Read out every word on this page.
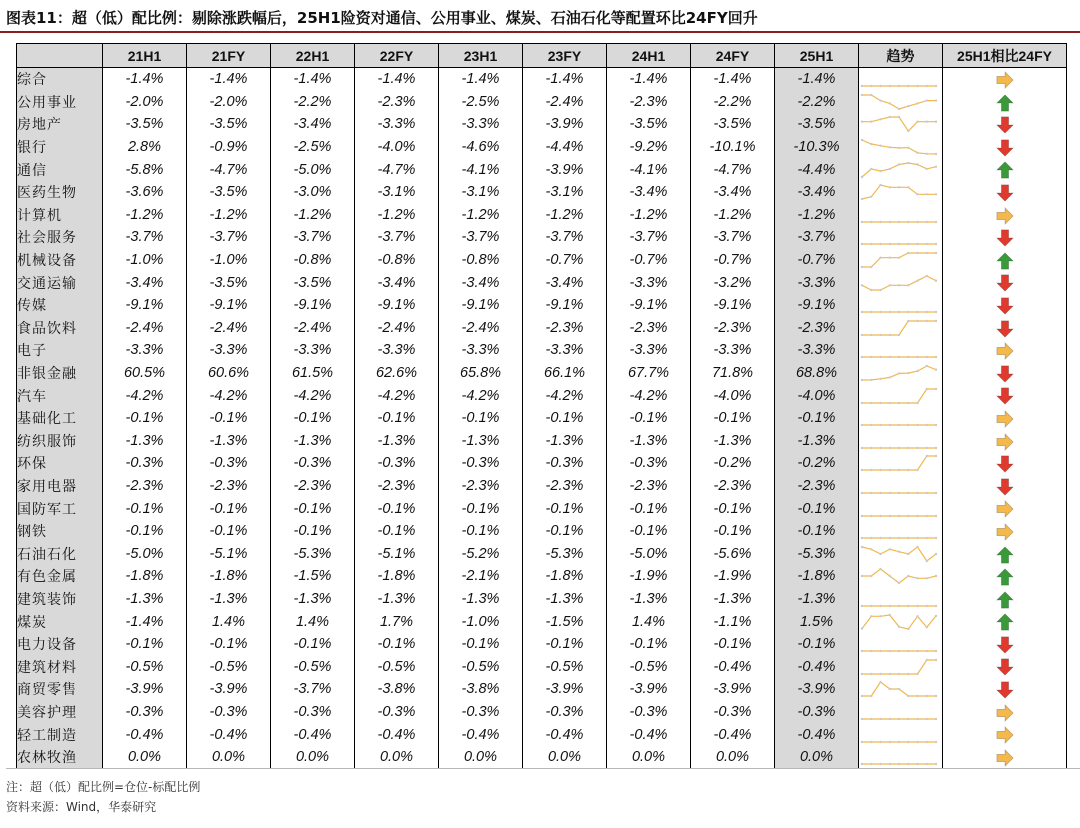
图表11：超（低）配比例：剔除涨跌幅后，25H1险资对通信、公用事业、煤炭、石油石化等配置环比24FY回升
	21H1	21FY	22H1	22FY	23H1	23FY	24H1	24FY	25H1	趋势	25H1相比24FY
综合	-1.4%	-1.4%	-1.4%	-1.4%	-1.4%	-1.4%	-1.4%	-1.4%	-1.4%	

公用事业	-2.0%	-2.0%	-2.2%	-2.3%	-2.5%	-2.4%	-2.3%	-2.2%	-2.2%	

房地产	-3.5%	-3.5%	-3.4%	-3.3%	-3.3%	-3.9%	-3.5%	-3.5%	-3.5%	

银行	2.8%	-0.9%	-2.5%	-4.0%	-4.6%	-4.4%	-9.2%	-10.1%	-10.3%	

通信	-5.8%	-4.7%	-5.0%	-4.7%	-4.1%	-3.9%	-4.1%	-4.7%	-4.4%	

医药生物	-3.6%	-3.5%	-3.0%	-3.1%	-3.1%	-3.1%	-3.4%	-3.4%	-3.4%	

计算机	-1.2%	-1.2%	-1.2%	-1.2%	-1.2%	-1.2%	-1.2%	-1.2%	-1.2%	

社会服务	-3.7%	-3.7%	-3.7%	-3.7%	-3.7%	-3.7%	-3.7%	-3.7%	-3.7%	

机械设备	-1.0%	-1.0%	-0.8%	-0.8%	-0.8%	-0.7%	-0.7%	-0.7%	-0.7%	

交通运输	-3.4%	-3.5%	-3.5%	-3.4%	-3.4%	-3.4%	-3.3%	-3.2%	-3.3%	

传媒	-9.1%	-9.1%	-9.1%	-9.1%	-9.1%	-9.1%	-9.1%	-9.1%	-9.1%	

食品饮料	-2.4%	-2.4%	-2.4%	-2.4%	-2.4%	-2.3%	-2.3%	-2.3%	-2.3%	

电子	-3.3%	-3.3%	-3.3%	-3.3%	-3.3%	-3.3%	-3.3%	-3.3%	-3.3%	

非银金融	60.5%	60.6%	61.5%	62.6%	65.8%	66.1%	67.7%	71.8%	68.8%	

汽车	-4.2%	-4.2%	-4.2%	-4.2%	-4.2%	-4.2%	-4.2%	-4.0%	-4.0%	

基础化工	-0.1%	-0.1%	-0.1%	-0.1%	-0.1%	-0.1%	-0.1%	-0.1%	-0.1%	

纺织服饰	-1.3%	-1.3%	-1.3%	-1.3%	-1.3%	-1.3%	-1.3%	-1.3%	-1.3%	

环保	-0.3%	-0.3%	-0.3%	-0.3%	-0.3%	-0.3%	-0.3%	-0.2%	-0.2%	

家用电器	-2.3%	-2.3%	-2.3%	-2.3%	-2.3%	-2.3%	-2.3%	-2.3%	-2.3%	

国防军工	-0.1%	-0.1%	-0.1%	-0.1%	-0.1%	-0.1%	-0.1%	-0.1%	-0.1%	

钢铁	-0.1%	-0.1%	-0.1%	-0.1%	-0.1%	-0.1%	-0.1%	-0.1%	-0.1%	

石油石化	-5.0%	-5.1%	-5.3%	-5.1%	-5.2%	-5.3%	-5.0%	-5.6%	-5.3%	

有色金属	-1.8%	-1.8%	-1.5%	-1.8%	-2.1%	-1.8%	-1.9%	-1.9%	-1.8%	

建筑装饰	-1.3%	-1.3%	-1.3%	-1.3%	-1.3%	-1.3%	-1.3%	-1.3%	-1.3%	

煤炭	-1.4%	1.4%	1.4%	1.7%	-1.0%	-1.5%	1.4%	-1.1%	1.5%	

电力设备	-0.1%	-0.1%	-0.1%	-0.1%	-0.1%	-0.1%	-0.1%	-0.1%	-0.1%	

建筑材料	-0.5%	-0.5%	-0.5%	-0.5%	-0.5%	-0.5%	-0.5%	-0.4%	-0.4%	

商贸零售	-3.9%	-3.9%	-3.7%	-3.8%	-3.8%	-3.9%	-3.9%	-3.9%	-3.9%	

美容护理	-0.3%	-0.3%	-0.3%	-0.3%	-0.3%	-0.3%	-0.3%	-0.3%	-0.3%	

轻工制造	-0.4%	-0.4%	-0.4%	-0.4%	-0.4%	-0.4%	-0.4%	-0.4%	-0.4%	

农林牧渔	0.0%	0.0%	0.0%	0.0%	0.0%	0.0%	0.0%	0.0%	0.0%	

注：超（低）配比例=仓位-标配比例
资料来源：Wind，华泰研究
